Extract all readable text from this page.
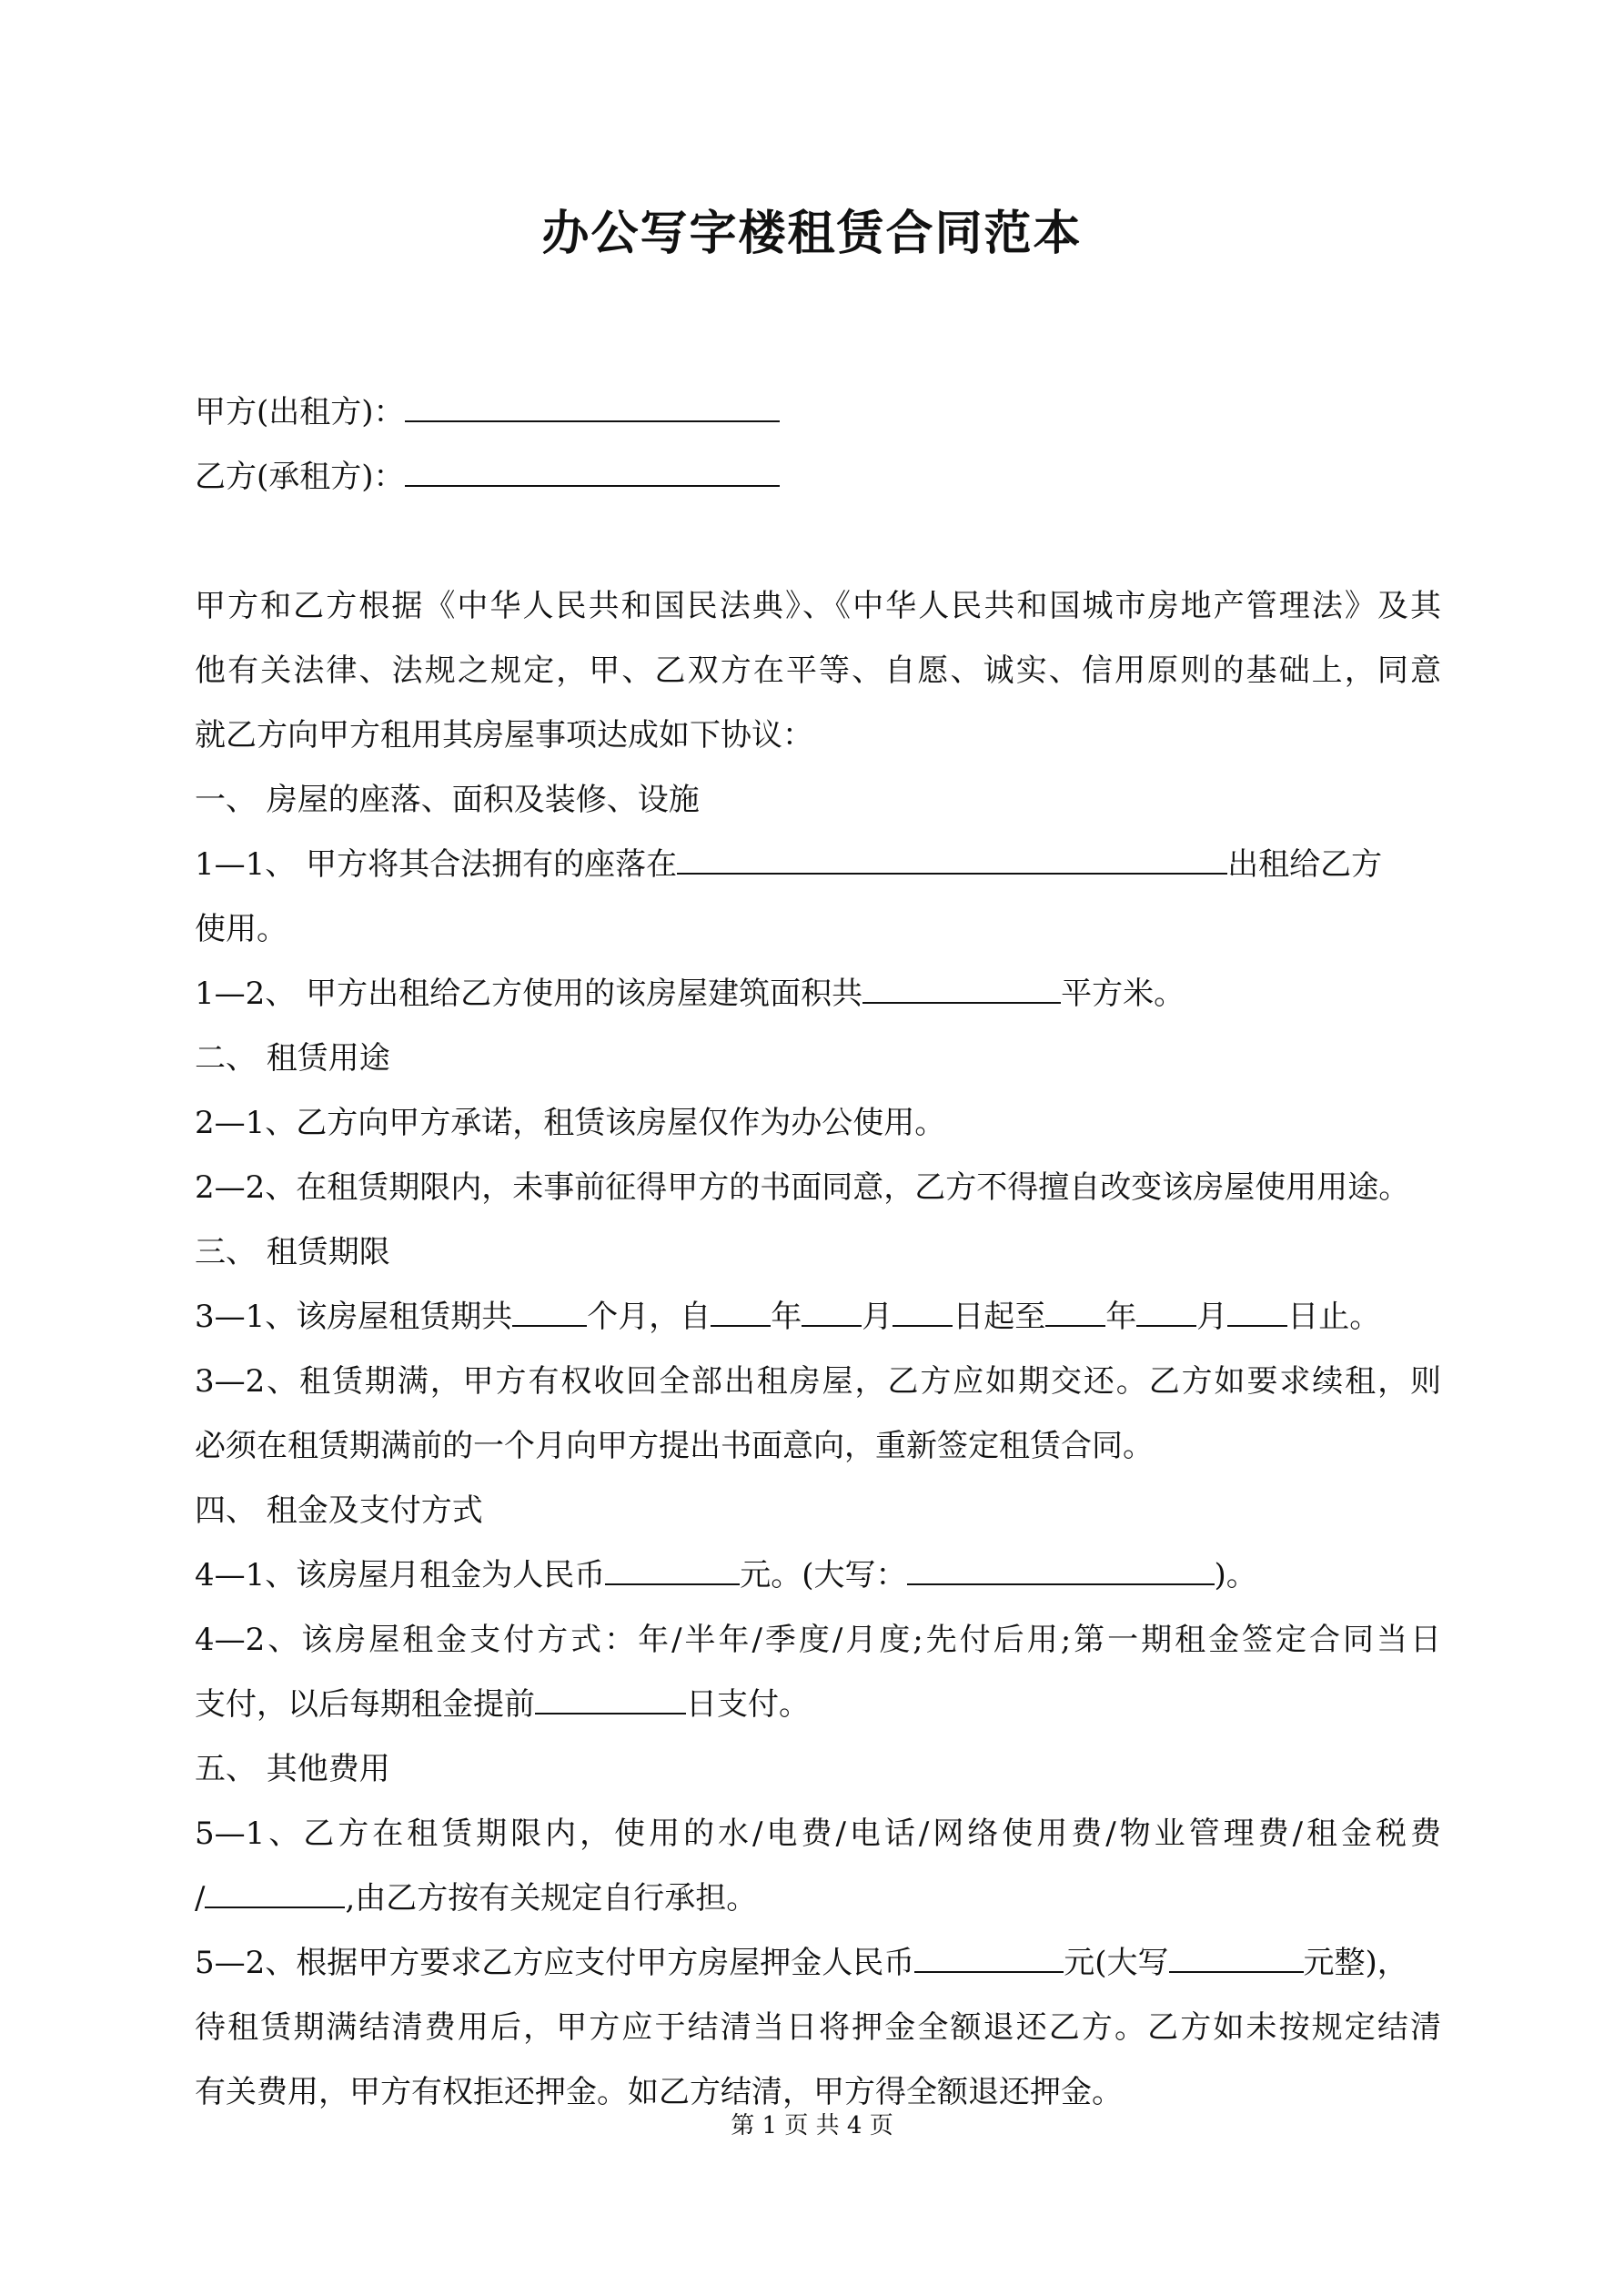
办公写字楼租赁合同范本
甲方(出租方)：
乙方(承租方)：
甲方和乙方根据《中华人民共和国民法典》、《中华人民共和国城市房地产管理法》及其
他有关法律、法规之规定，甲、乙双方在平等、自愿、诚实、信用原则的基础上，同意
就乙方向甲方租用其房屋事项达成如下协议：
一、 房屋的座落、面积及装修、设施
1—1、 甲方将其合法拥有的座落在	出租给乙方
使用。
1—2、 甲方出租给乙方使用的该房屋建筑面积共	平方米。
二、 租赁用途
2—1、乙方向甲方承诺，租赁该房屋仅作为办公使用。
2—2、在租赁期限内，未事前征得甲方的书面同意，乙方不得擅自改变该房屋使用用途。
三、 租赁期限
3—1、该房屋租赁期共 个月，自 年 月 日起至 年 月 日止。
3—2、租赁期满，甲方有权收回全部出租房屋，乙方应如期交还。乙方如要求续租，则
必须在租赁期满前的一个月向甲方提出书面意向，重新签定租赁合同。
四、 租金及支付方式
4—1、该房屋月租金为人民币	元。(大写：	)。
4—2、该房屋租金支付方式：年/半年/季度/月度;先付后用;第一期租金签定合同当日
支付，以后每期租金提前	日支付。
五、 其他费用
5—1、乙方在租赁期限内，使用的水/电费/电话/网络使用费/物业管理费/租金税费
/	,由乙方按有关规定自行承担。
5—2、根据甲方要求乙方应支付甲方房屋押金人民币	元(大写	元整)，
待租赁期满结清费用后，甲方应于结清当日将押金全额退还乙方。乙方如未按规定结清
有关费用，甲方有权拒还押金。如乙方结清，甲方得全额退还押金。
第 1 页 共 4 页
